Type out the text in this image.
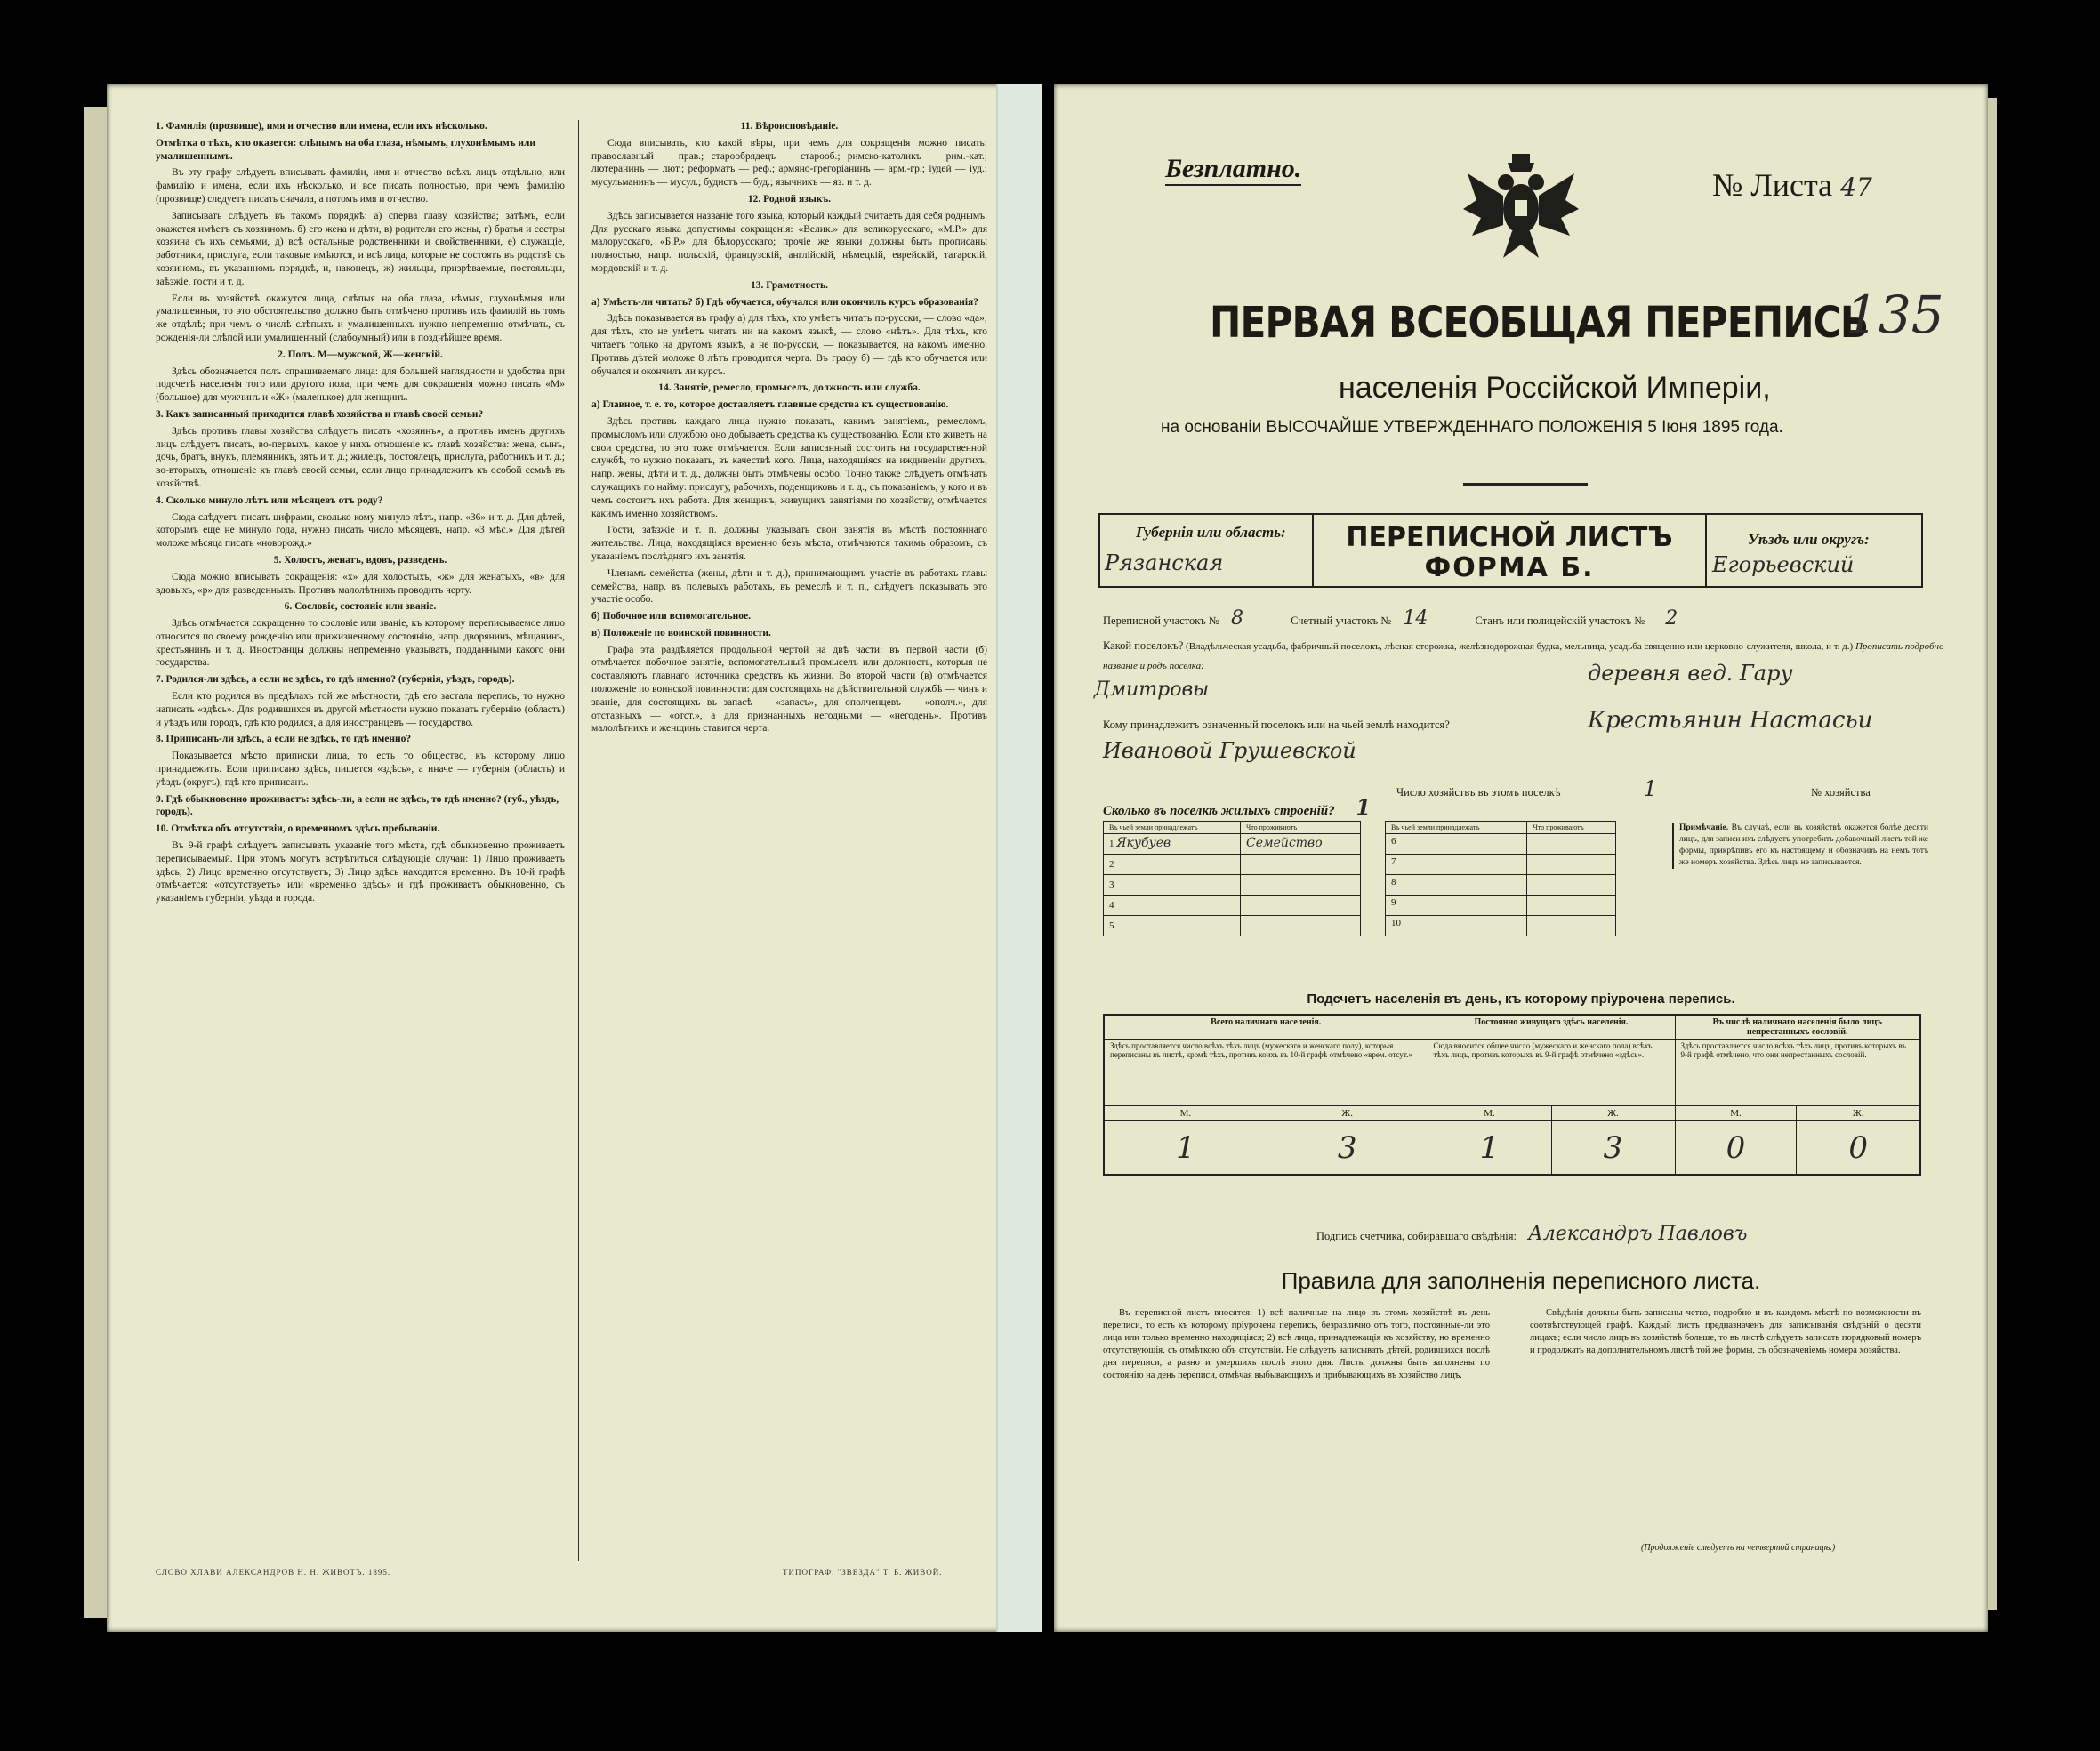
1. Фамилія (прозвище), имя и отчество или имена, если ихъ нѣсколько.

Отмѣтка о тѣхъ, кто оказется: слѣпымъ на оба глаза, нѣмымъ, глухонѣмымъ или умалишеннымъ.

Въ эту графу слѣдуетъ вписывать фамиліи, имя и отчество всѣхъ лицъ отдѣльно, или фамилію и имена, если ихъ нѣсколько, и все писать полностью, при чемъ фамилію (прозвище) следуетъ писать сначала, а потомъ имя и отчество.

Записывать слѣдуетъ въ такомъ порядкѣ: а) сперва главу хозяйства; затѣмъ, если окажется имѣетъ съ хозяиномъ. б) его жена и дѣти, в) родители его жены, г) братья и сестры хозяина съ ихъ семьями, д) всѣ остальные родственники и свойственники, е) служащіе, работники, прислуга, если таковые имѣются, и всѣ лица, которые не состоятъ въ родствѣ съ хозяиномъ, въ указанномъ порядкѣ, и, наконецъ, ж) жильцы, призрѣваемые, постояльцы, заѣзжіе, гости и т. д.

Если въ хозяйствѣ окажутся лица, слѣпыя на оба глаза, нѣмыя, глухонѣмыя или умалишенныя, то это обстоятельство должно быть отмѣчено противъ ихъ фамилій въ томъ же отдѣлѣ; при чемъ о числѣ слѣпыхъ и умалишенныхъ нужно непременно отмѣчать, съ рожденія-ли слѣпой или умалишенный (слабоумный) или в позднѣйшее время.

2. Полъ. М—мужской, Ж—женскій.

Здѣсь обозначается полъ спрашиваемаго лица: для большей наглядности и удобства при подсчетѣ населенія того или другого пола, при чемъ для сокращенія можно писать «М» (большое) для мужчинъ и «Ж» (маленькое) для женщинъ.

3. Какъ записанный приходится главѣ хозяйства и главѣ своей семьи?

Здѣсь противъ главы хозяйства слѣдуетъ писать «хозяинъ», а противъ именъ другихъ лицъ слѣдуетъ писать, во-первыхъ, какое у нихъ отношеніе къ главѣ хозяйства: жена, сынъ, дочь, братъ, внукъ, племянникъ, зять и т. д.; жилецъ, постоялецъ, прислуга, работникъ и т. д.; во-вторыхъ, отношеніе къ главѣ своей семьи, если лицо принадлежитъ къ особой семьѣ въ хозяйствѣ.

4. Сколько минуло лѣтъ или мѣсяцевъ отъ роду?

Сюда слѣдуетъ писать цифрами, сколько кому минуло лѣтъ, напр. «36» и т. д. Для дѣтей, которымъ еще не минуло года, нужно писать число мѣсяцевъ, напр. «3 мѣс.» Для дѣтей моложе мѣсяца писать «новорожд.»

5. Холостъ, женатъ, вдовъ, разведенъ.

Сюда можно вписывать сокращенія: «х» для холостыхъ, «ж» для женатыхъ, «в» для вдовыхъ, «р» для разведенныхъ. Противъ малолѣтнихъ проводить черту.

6. Сословіе, состояніе или званіе.

Здѣсь отмѣчается сокращенно то сословіе или званіе, къ которому переписываемое лицо относится по своему рожденію или прижизненному состоянію, напр. дворянинъ, мѣщанинъ, крестьянинъ и т. д. Иностранцы должны непременно указывать, подданными какого они государства.

7. Родился-ли здѣсь, а если не здѣсь, то гдѣ именно? (губернія, уѣздъ, городъ).

Если кто родился въ предѣлахъ той же мѣстности, гдѣ его застала перепись, то нужно написать «здѣсь». Для родившихся въ другой мѣстности нужно показать губернію (область) и уѣздъ или городъ, гдѣ кто родился, а для иностранцевъ — государство.

8. Приписанъ-ли здѣсь, а если не здѣсь, то гдѣ именно?

Показывается мѣсто приписки лица, то есть то обществo, къ которому лицо принадлежитъ. Если приписано здѣсь, пишется «здѣсь», а иначе — губернія (область) и уѣздъ (округъ), гдѣ кто приписанъ.

9. Гдѣ обыкновенно проживаетъ: здѣсь-ли, а если не здѣсь, то гдѣ именно? (губ., уѣздъ, городъ).

10. Отмѣтка объ отсутствіи, о временномъ здѣсь пребываніи.

Въ 9-й графѣ слѣдуетъ записывать указаніе того мѣста, гдѣ обыкновенно проживаетъ переписываемый. При этомъ могутъ встрѣтиться слѣдующіе случаи: 1) Лицо проживаетъ здѣсь; 2) Лицо временно отсутствуетъ; 3) Лицо здѣсь находится временно. Въ 10-й графѣ отмѣчается: «отсутствуетъ» или «временно здѣсь» и гдѣ проживаетъ обыкновенно, съ указаніемъ губерніи, уѣзда и города.

11. Вѣроисповѣданіе.

Сюда вписывать, кто какой вѣры, при чемъ для сокращенія можно писать: православный — прав.; старообрядецъ — старооб.; римско-католикъ — рим.-кат.; лютеранинъ — лют.; реформатъ — реф.; армяно-грегоріанинъ — арм.-гр.; іудей — іуд.; мусульманинъ — мусул.; будистъ — буд.; язычникъ — яз. и т. д.

12. Родной языкъ.

Здѣсь записывается названіе того языка, который каждый считаетъ для себя роднымъ. Для русскаго языка допустимы сокращенія: «Велик.» для великорусскаго, «М.Р.» для малорусскаго, «Б.Р.» для бѣлорусскаго; прочіе же языки должны быть прописаны полностью, напр. польскій, французскій, англійскій, нѣмецкій, еврейскій, татарскій, мордовскій и т. д.

13. Грамотность.

а) Умѣетъ-ли читать? б) Гдѣ обучается, обучался или окончилъ курсъ образованія?

Здѣсь показывается въ графу а) для тѣхъ, кто умѣетъ читать по-русски, — слово «да»; для тѣхъ, кто не умѣетъ читать ни на какомъ языкѣ, — слово «нѣтъ». Для тѣхъ, кто читаетъ только на другомъ языкѣ, а не по-русски, — показывается, на какомъ именно. Противъ дѣтей моложе 8 лѣтъ проводится черта. Въ графу б) — гдѣ кто обучается или обучался и окончилъ ли курсъ.

14. Занятіе, ремесло, промыселъ, должность или служба.

а) Главное, т. е. то, которое доставляетъ главные средства къ существованію.

Здѣсь противъ каждаго лица нужно показать, какимъ занятіемъ, ремесломъ, промысломъ или службою оно добываетъ средства къ существованію. Если кто живетъ на свои средства, то это тоже отмѣчается. Если записанный состоитъ на государственной службѣ, то нужно показать, въ качествѣ кого. Лица, находящіяся на иждивеніи другихъ, напр. жены, дѣти и т. д., должны быть отмѣчены особо. Точно также слѣдуетъ отмѣчать служащихъ по найму: прислугу, рабочихъ, поденщиковъ и т. д., съ показаніемъ, у кого и въ чемъ состоитъ ихъ работа. Для женщинъ, живущихъ занятіями по хозяйству, отмѣчается какимъ именно хозяйствомъ.

Гости, заѣзжіе и т. п. должны указывать свои занятія въ мѣстѣ постояннаго жительства. Лица, находящіяся временно безъ мѣста, отмѣчаются такимъ образомъ, съ указаніемъ послѣдняго ихъ занятія.

Членамъ семейства (жены, дѣти и т. д.), принимающимъ участіе въ работахъ главы семейства, напр. въ полевыхъ работахъ, въ ремеслѣ и т. п., слѣдуетъ показывать это участіе особо.

б) Побочное или вспомогательное.

в) Положеніе по воинской повинности.

Графа эта раздѣляется продольной чертой на двѣ части: въ первой части (б) отмѣчается побочное занятіе, вспомогательный промыселъ или должность, которыя не составляютъ главнаго источника средствъ къ жизни. Во второй части (в) отмѣчается положеніе по воинской повинности: для состоящихъ на дѣйствительной службѣ — чинъ и званіе, для состоящихъ въ запасѣ — «запасъ», для ополченцевъ — «ополч.», для отставныхъ — «отст.», а для признанныхъ негодными — «негоденъ». Противъ малолѣтнихъ и женщинъ ставится черта.

СЛОВО ХЛАВИ АЛЕКСАНДРОВ Н. Н. ЖИВОТЪ. 1895.	ТИПОГРАФ. "ЗВЕЗДА" Т. Б. ЖИВОЙ.
Безплатно.	№ Листа 47
ПЕРВАЯ ВСЕОБЩАЯ ПЕРЕПИСЬ
135
населенія Россійской Имперіи,
на основаніи ВЫСОЧАЙШЕ УТВЕРЖДЕННАГО ПОЛОЖЕНІЯ 5 Іюня 1895 года.
Губернія или область:
Рязанская
ПЕРЕПИСНОЙ ЛИСТЪ
ФОРМА Б.
Уѣздъ или округъ:
Егорьевский
Переписной участокъ № 8	Счетный участокъ № 14	Станъ или полицейскій участокъ № 2
Какой поселокъ? (Владѣльческая усадьба, фабричный поселокъ, лѣсная сторожка, желѣзнодорожная будка, мельница, усадьба священно или церковно-служителя, школа, и т. д.) Прописать подробно названіе и родъ поселка:	деревня вед. Гару
Дмитровы
Кому принадлежитъ означенный поселокъ или на чьей землѣ находится?	Крестьянин Настасьи
Ивановой Грушевской
Число хозяйствъ въ этомъ поселкѣ	1	№ хозяйства
Сколько въ поселкѣ жилыхъ строеній? 1
Въ чьей земли принадлежатъ	Что проживаютъ
1 Якубуев	Семейство
2	
3	
4	
5	
Въ чьей земли принадлежатъ	Что проживаютъ
6	
7	
8	
9	
10	
Примѣчаніе. Въ случаѣ, если въ хозяйствѣ окажется болѣе десяти лицъ, для записи ихъ слѣдуетъ употребить добавочный листъ той же формы, прикрѣпивъ его къ настоящему и обозначивъ на немъ тотъ же номеръ хозяйства. Здѣсь лицъ не записывается.
Подсчетъ населенія въ день, къ которому пріурочена перепись.
Всего наличнаго населенія.		Постоянно живущаго здѣсь населенія.		Въ числѣ наличнаго населенія было лицъ непрестанныхъ сословій.	
Здѣсь проставляется число всѣхъ тѣхъ лицъ (мужескаго и женскаго полу), которыя переписаны въ листѣ, кромѣ тѣхъ, противъ коихъ въ 10-й графѣ отмѣчено «врем. отсут.»		Сюда вносится общее число (мужескаго и женскаго пола) всѣхъ тѣхъ лицъ, противъ которыхъ въ 9-й графѣ отмѣчено «здѣсь».		Здѣсь проставляется число всѣхъ тѣхъ лицъ, противъ которыхъ въ 9-й графѣ отмѣчено, что они непрестанныхъ сословій.	
М.	Ж.	М.	Ж.	М.	Ж.
1	3	1	3	0	0
Подпись счетчика, собиравшаго свѣдѣнія: Александръ Павловъ
Правила для заполненія переписного листа.
Въ переписной листъ вносятся: 1) всѣ наличные на лицо въ этомъ хозяйствѣ въ день переписи, то есть къ которому пріурочена перепись, безразлично отъ того, постоянные-ли это лица или только временно находящіяся; 2) всѣ лица, принадлежащія къ хозяйству, но временно отсутствующія, съ отмѣткою объ отсутствіи. Не слѣдуетъ записывать дѣтей, родившихся послѣ дня переписи, а равно и умершихъ послѣ этого дня. Листы должны быть заполнены по состоянію на день переписи, отмѣчая выбывающихъ и прибывающихъ въ хозяйство лицъ.
Свѣдѣнія должны быть записаны четко, подробно и въ каждомъ мѣстѣ по возможности въ соотвѣтствующей графѣ. Каждый листъ предназначенъ для записыванія свѣдѣній о десяти лицахъ; если число лицъ въ хозяйствѣ больше, то въ листѣ слѣдуетъ записать порядковый номеръ и продолжать на дополнительномъ листѣ той же формы, съ обозначеніемъ номера хозяйства.
(Продолженіе слѣдуетъ на четвертой страницѣ.)
